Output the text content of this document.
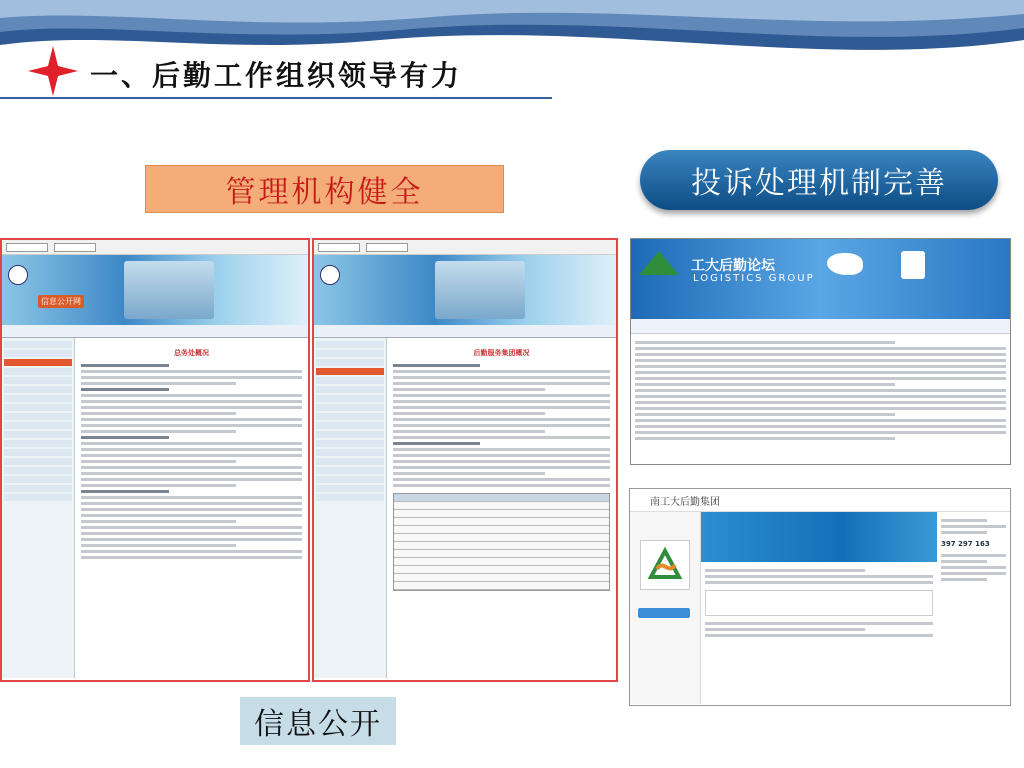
一、后勤工作组织领导有力
管理机构健全	投诉处理机制完善
信息公开
信息公开网
总务处概况	后勤服务集团概况
工大后勤论坛
LOGISTICS GROUP
南工大后勤集团
397 297 163
